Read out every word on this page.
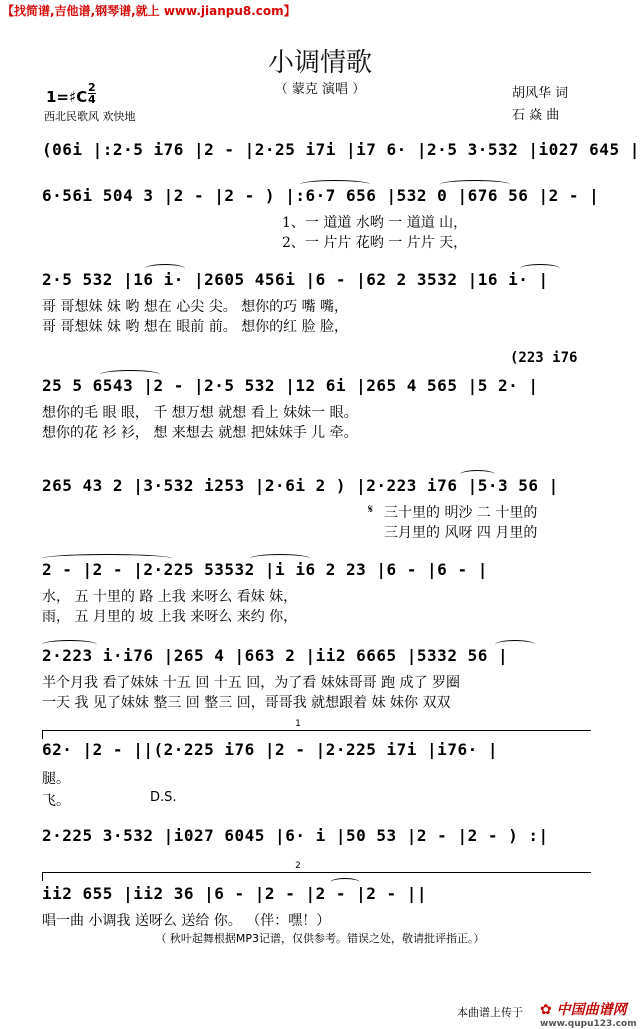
【找简谱,吉他谱,钢琴谱,就上 www.jianpu8.com】
小调情歌
（ 蒙克 演唱 ）
1=♯C
2
4
西北民歌风 欢快地
胡风华 词
石 焱 曲
(06i |:2·5 i76 |2 - |2·25 i7i |i7 6· |2·5 3·532 |i027 645 |
6·56i 504 3 |2 - |2 - ) |:6·7 656 |532 0 |676 56 |2 - |
2·5 532 |16 i· |2605 456i |6 - |62 2 3532 |16 i· |
(223 i76
25 5 6543 |2 - |2·5 532 |12 6i |265 4 565 |5 2· |
265 43 2 |3·532 i253 |2·6i 2 ) |2·223 i76 |5·3 56 |
2 - |2 - |2·225 53532 |i i6 2 23 |6 - |6 - |
2·223 i·i76 |265 4 |663 2 |ii2 6665 |5332 56 |
62· |2 - ||(2·225 i76 |2 - |2·225 i7i |i76· |
2·225 3·532 |i027 6045 |6· i |50 53 |2 - |2 - ) :|
ii2 655 |ii2 36 |6 - |2 - |2 - |2 - ||
1
2
1、一 道道 水哟 一 道道 山，
2、一 片片 花哟 一 片片 天，
哥 哥想妹 妹 哟 想在 心尖 尖。 想你的巧 嘴 嘴，
哥 哥想妹 妹 哟 想在 眼前 前。 想你的红 脸 脸，
想你的毛 眼 眼， 千 想万想 就想 看上 妹妹一 眼。
想你的花 衫 衫， 想 来想去 就想 把妹妹手 儿 牵。
𝄋 三十里的 明沙 二 十里的
三月里的 风呀 四 月里的
水， 五 十里的 路 上我 来呀么 看妹 妹，
雨， 五 月里的 坡 上我 来呀么 来约 你，
半个月我 看了妹妹 十五 回 十五 回，为了看 妹妹哥哥 跑 成了 罗圈
一天 我 见了妹妹 整三 回 整三 回，哥哥我 就想跟着 妹 妹你 双双
腿。
飞。	D.S.
唱一曲 小调我 送呀么 送给 你。 （伴：嘿！）
（ 秋叶起舞根据MP3记谱，仅供参考。错误之处，敬请批评指正。）
本曲谱上传于 ✿ 中国曲谱网
www.qupu123.com
